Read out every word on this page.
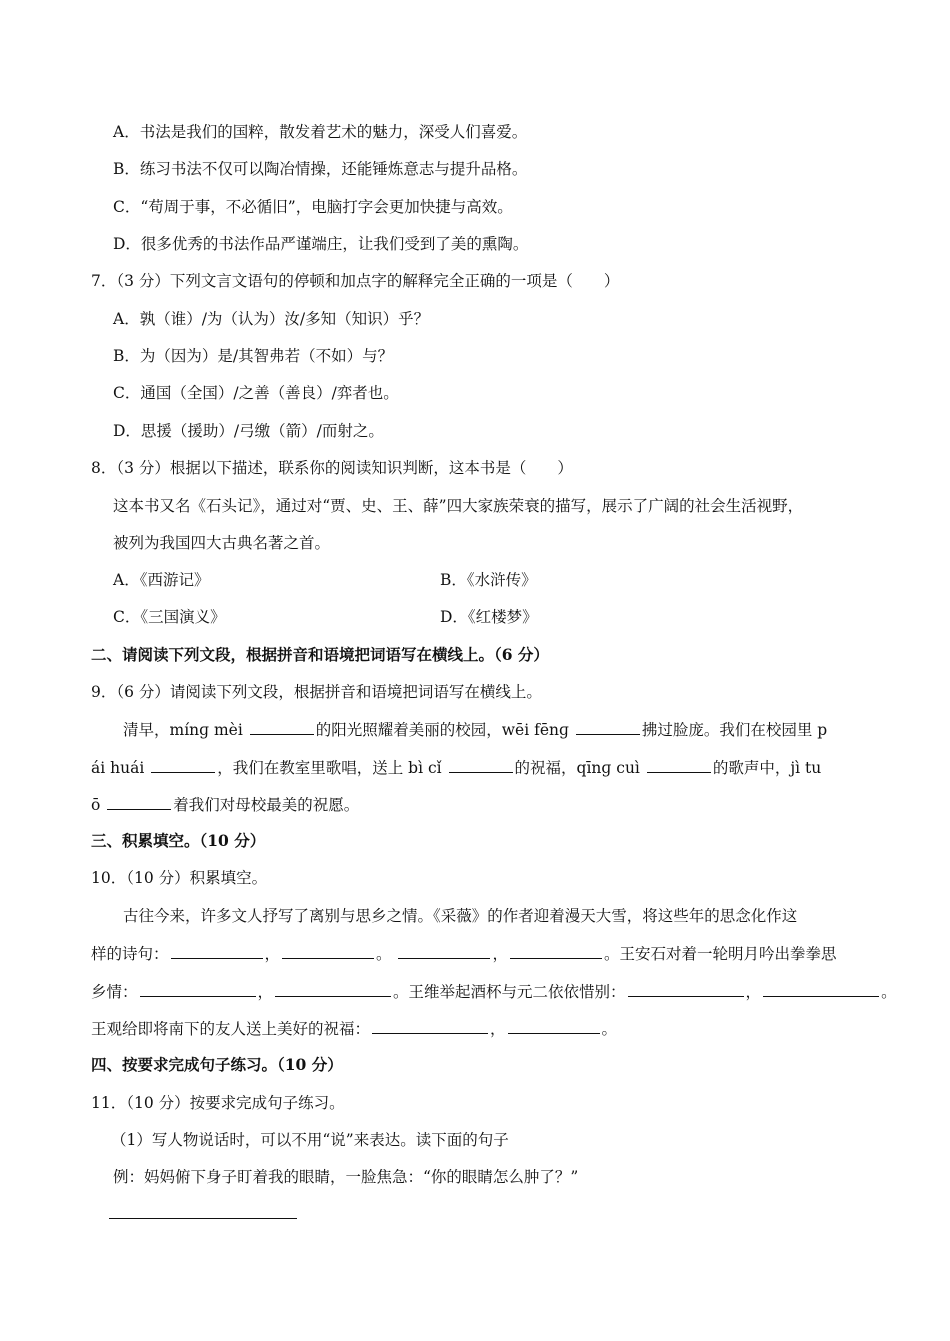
A．书法是我们的国粹，散发着艺术的魅力，深受人们喜爱。
B．练习书法不仅可以陶冶情操，还能锤炼意志与提升品格。
C．“苟周于事，不必循旧”，电脑打字会更加快捷与高效。
D．很多优秀的书法作品严谨端庄，让我们受到了美的熏陶。
7．（3 分）下列文言文语句的停顿和加点字的解释完全正确的一项是（　　）
A．孰（谁）/为（认为）汝/多知（知识）乎？
B．为（因为）是/其智弗若（不如）与？
C．通国（全国）/之善（善良）/弈者也。
D．思援（援助）/弓缴（箭）/而射之。
8．（3 分）根据以下描述，联系你的阅读知识判断，这本书是（　　）
这本书又名《石头记》，通过对“贾、史、王、薛”四大家族荣衰的描写，展示了广阔的社会生活视野，
被列为我国四大古典名著之首。
A．《西游记》	B．《水浒传》
C．《三国演义》	D．《红楼梦》
二、请阅读下列文段，根据拼音和语境把词语写在横线上。（6 分）
9．（6 分）请阅读下列文段，根据拼音和语境把词语写在横线上。
清早，mínɡ mèi	的阳光照耀着美丽的校园，wēi fēnɡ	拂过脸庞。我们在校园里 p
ái huái	，我们在教室里歌唱，送上 bì cǐ	的祝福，qīnɡ cuì	的歌声中，jì tu
ō	着我们对母校最美的祝愿。
三、积累填空。（10 分）
10．（10 分）积累填空。
古往今来，许多文人抒写了离别与思乡之情。《采薇》的作者迎着漫天大雪，将这些年的思念化作这
样的诗句：	，	。	，	。王安石对着一轮明月吟出拳拳思
乡情：	，	。王维举起酒杯与元二依依惜别：	，	。
王观给即将南下的友人送上美好的祝福：	，	。
四、按要求完成句子练习。（10 分）
11．（10 分）按要求完成句子练习。
（1）写人物说话时，可以不用“说”来表达。读下面的句子
例：妈妈俯下身子盯着我的眼睛，一脸焦急：“你的眼睛怎么肿了？”
